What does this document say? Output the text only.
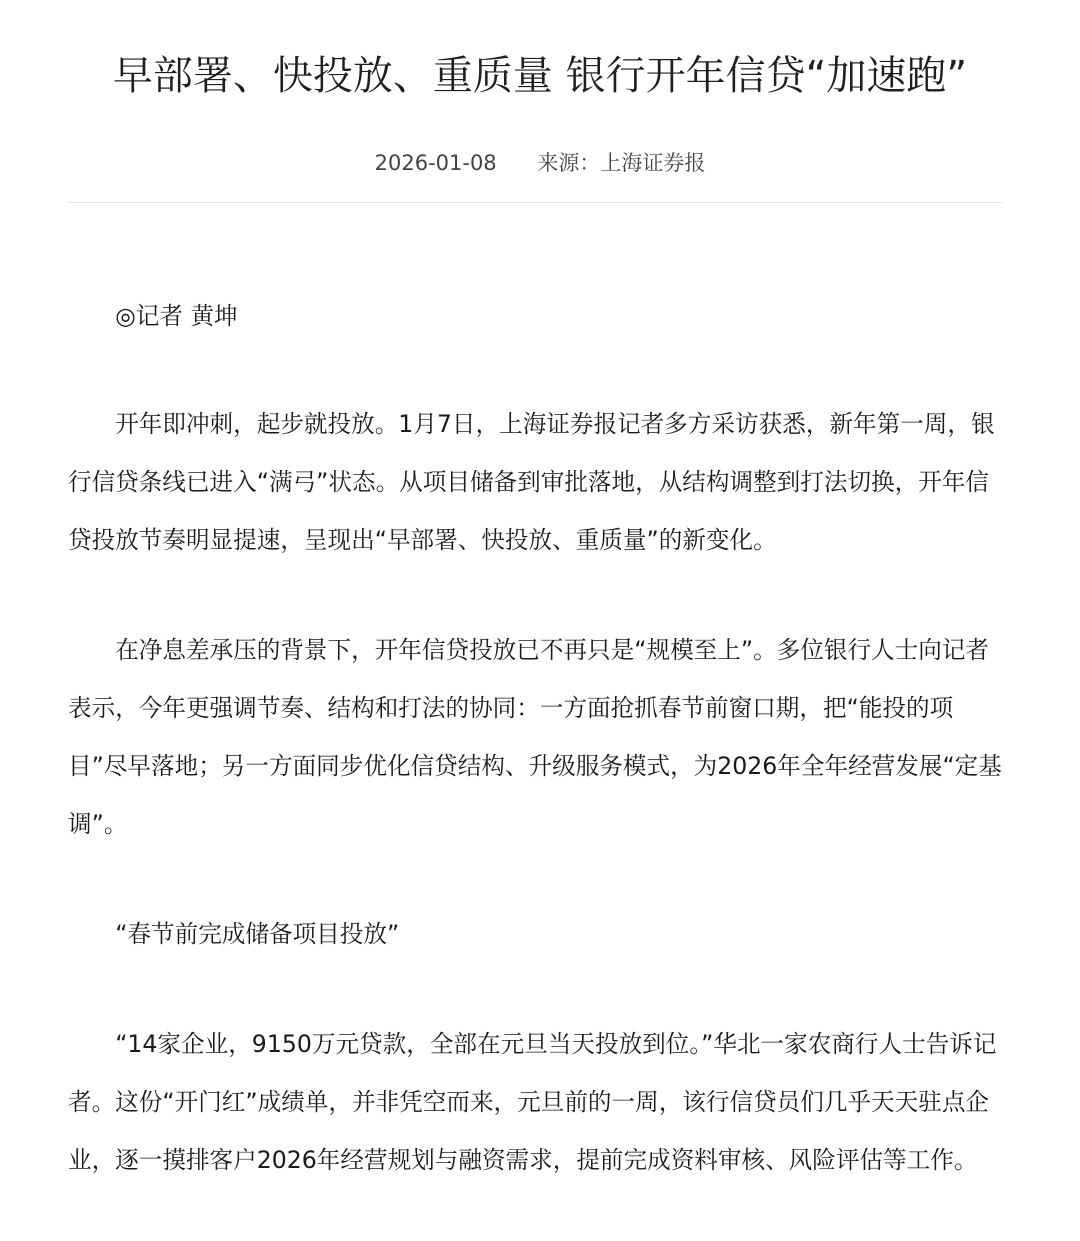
早部署、快投放、重质量 银行开年信贷“加速跑”
2026-01-08 来源：上海证券报

◎记者 黄坤

开年即冲刺，起步就投放。1月7日，上海证券报记者多方采访获悉，新年第一周，银行信贷条线已进入“满弓”状态。从项目储备到审批落地，从结构调整到打法切换，开年信贷投放节奏明显提速，呈现出“早部署、快投放、重质量”的新变化。

在净息差承压的背景下，开年信贷投放已不再只是“规模至上”。多位银行人士向记者表示，今年更强调节奏、结构和打法的协同：一方面抢抓春节前窗口期，把“能投的项目”尽早落地；另一方面同步优化信贷结构、升级服务模式，为2026年全年经营发展“定基调”。

“春节前完成储备项目投放”

“14家企业，9150万元贷款，全部在元旦当天投放到位。”华北一家农商行人士告诉记者。这份“开门红”成绩单，并非凭空而来，元旦前的一周，该行信贷员们几乎天天驻点企业，逐一摸排客户2026年经营规划与融资需求，提前完成资料审核、风险评估等工作。
